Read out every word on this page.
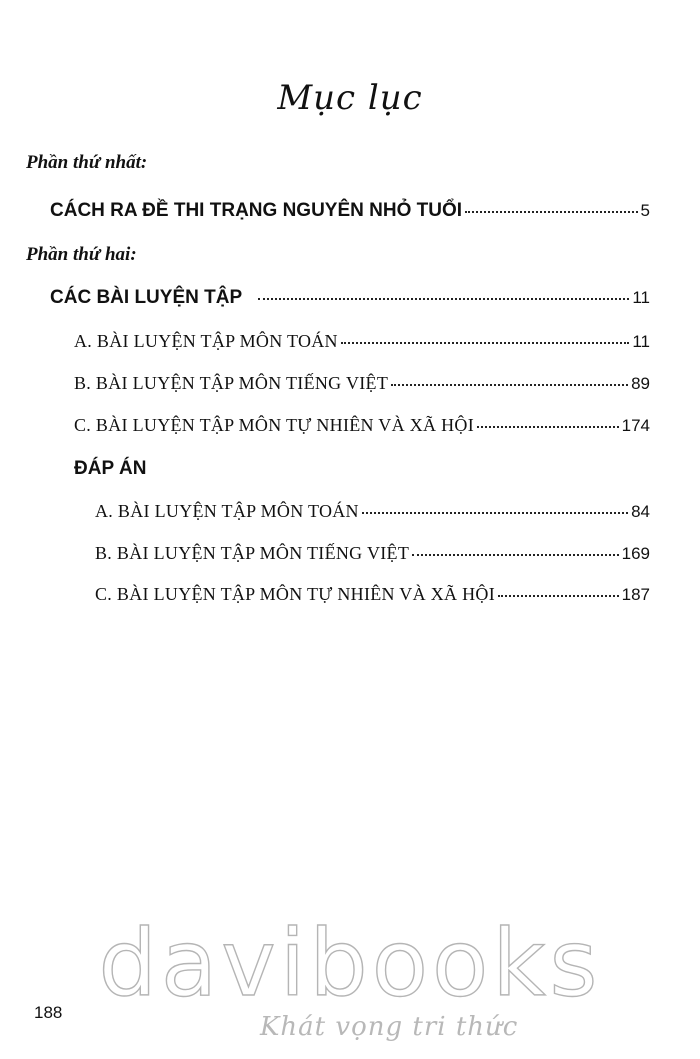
Mục lục
Phần thứ nhất:
CÁCH RA ĐỀ THI TRẠNG NGUYÊN NHỎ TUỔI	5
Phần thứ hai:
CÁC BÀI LUYỆN TẬP	11
A. BÀI LUYỆN TẬP MÔN TOÁN	11
B. BÀI LUYỆN TẬP MÔN TIẾNG VIỆT	89
C. BÀI LUYỆN TẬP MÔN TỰ NHIÊN VÀ XÃ HỘI	174
ĐÁP ÁN
A. BÀI LUYỆN TẬP MÔN TOÁN	84
B. BÀI LUYỆN TẬP MÔN TIẾNG VIỆT	169
C. BÀI LUYỆN TẬP MÔN TỰ NHIÊN VÀ XÃ HỘI	187
davibooks
188	Khát vọng tri thức
